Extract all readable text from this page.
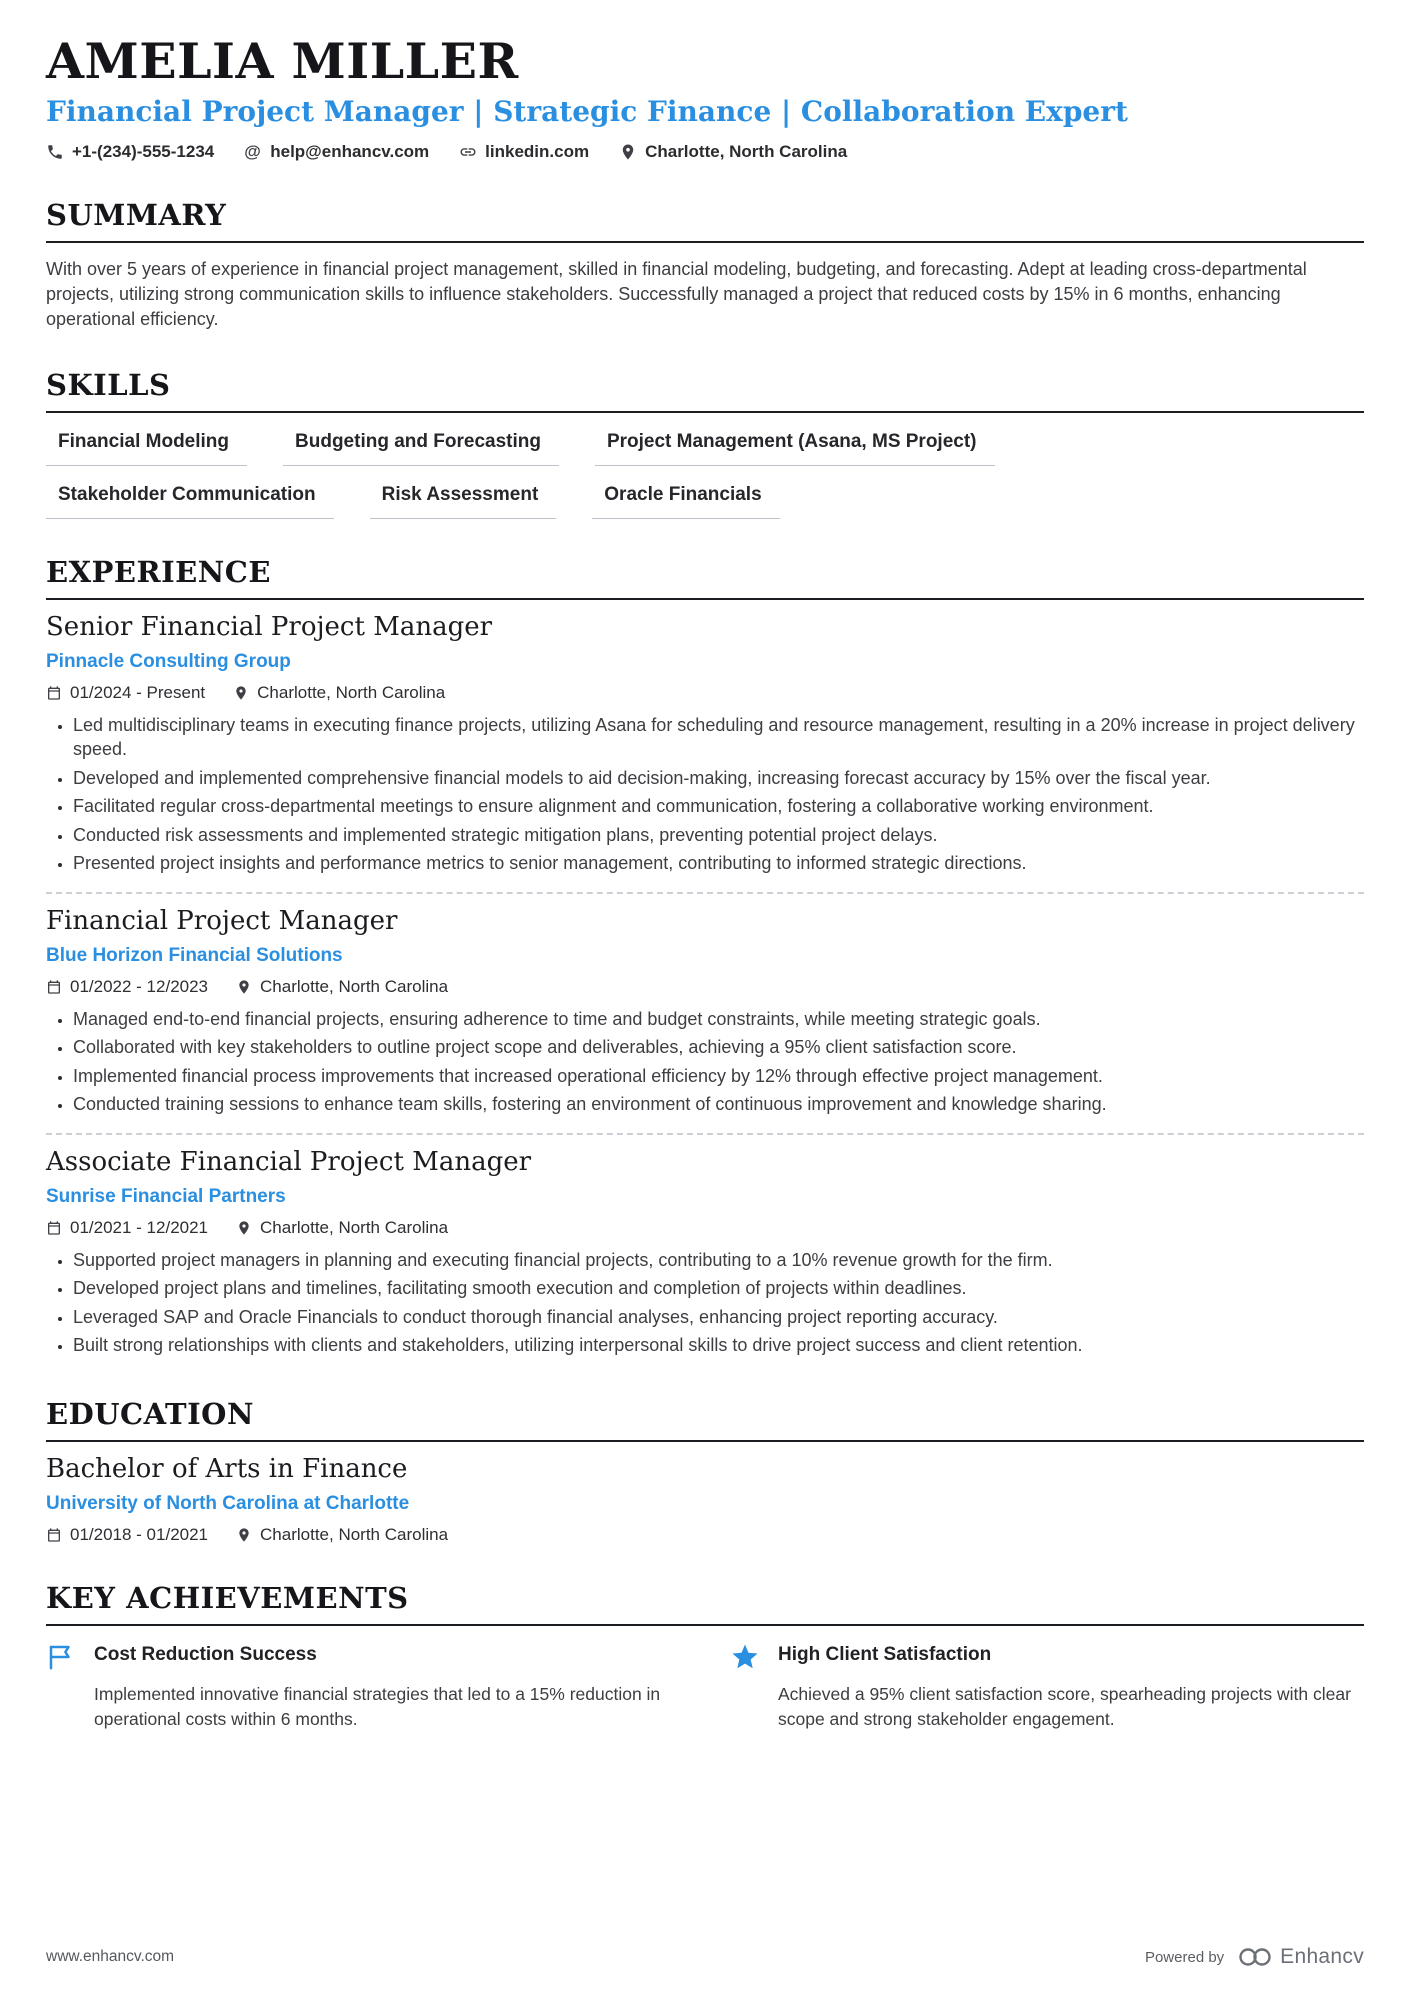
AMELIA MILLER
Financial Project Manager | Strategic Finance | Collaboration Expert
+1-(234)-555-1234 @ help@enhancv.com	linkedin.com	Charlotte, North Carolina
SUMMARY

With over 5 years of experience in financial project management, skilled in financial modeling, budgeting, and forecasting. Adept at leading cross-departmental projects, utilizing strong communication skills to influence stakeholders. Successfully managed a project that reduced costs by 15% in 6 months, enhancing operational efficiency.

SKILLS
Financial Modeling	Budgeting and Forecasting	Project Management (Asana, MS Project)
Stakeholder Communication	Risk Assessment	Oracle Financials
EXPERIENCE
Senior Financial Project Manager
Pinnacle Consulting Group
01/2024 - Present	Charlotte, North Carolina
• Led multidisciplinary teams in executing finance projects, utilizing Asana for scheduling and resource management, resulting in a 20% increase in project delivery speed.
• Developed and implemented comprehensive financial models to aid decision-making, increasing forecast accuracy by 15% over the fiscal year.
• Facilitated regular cross-departmental meetings to ensure alignment and communication, fostering a collaborative working environment.
• Conducted risk assessments and implemented strategic mitigation plans, preventing potential project delays.
• Presented project insights and performance metrics to senior management, contributing to informed strategic directions.
Financial Project Manager
Blue Horizon Financial Solutions
01/2022 - 12/2023	Charlotte, North Carolina
• Managed end-to-end financial projects, ensuring adherence to time and budget constraints, while meeting strategic goals.
• Collaborated with key stakeholders to outline project scope and deliverables, achieving a 95% client satisfaction score.
• Implemented financial process improvements that increased operational efficiency by 12% through effective project management.
• Conducted training sessions to enhance team skills, fostering an environment of continuous improvement and knowledge sharing.
Associate Financial Project Manager
Sunrise Financial Partners
01/2021 - 12/2021	Charlotte, North Carolina
• Supported project managers in planning and executing financial projects, contributing to a 10% revenue growth for the firm.
• Developed project plans and timelines, facilitating smooth execution and completion of projects within deadlines.
• Leveraged SAP and Oracle Financials to conduct thorough financial analyses, enhancing project reporting accuracy.
• Built strong relationships with clients and stakeholders, utilizing interpersonal skills to drive project success and client retention.
EDUCATION
Bachelor of Arts in Finance
University of North Carolina at Charlotte
01/2018 - 01/2021	Charlotte, North Carolina
KEY ACHIEVEMENTS
Cost Reduction Success
Implemented innovative financial strategies that led to a 15% reduction in operational costs within 6 months.
High Client Satisfaction
Achieved a 95% client satisfaction score, spearheading projects with clear scope and strong stakeholder engagement.
www.enhancv.com	Powered by	Enhancv
